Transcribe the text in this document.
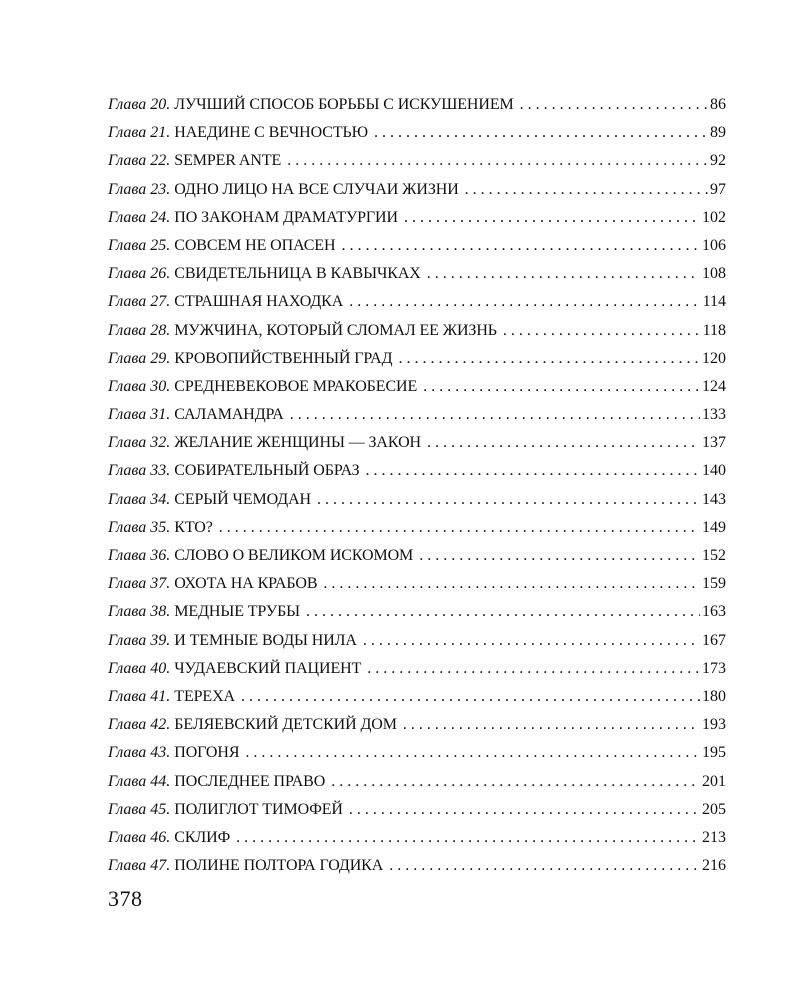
Глава 20. ЛУЧШИЙ СПОСОБ БОРЬБЫ С ИСКУШЕНИЕМ . . .	86
Глава 21. НАЕДИНЕ С ВЕЧНОСТЬЮ . . .	89
Глава 22. SEMPER ANTE . . .	92
Глава 23. ОДНО ЛИЦО НА ВСЕ СЛУЧАИ ЖИЗНИ . . .	97
Глава 24. ПО ЗАКОНАМ ДРАМАТУРГИИ . . .	102
Глава 25. СОВСЕМ НЕ ОПАСЕН . . .	106
Глава 26. СВИДЕТЕЛЬНИЦА В КАВЫЧКАХ . . .	108
Глава 27. СТРАШНАЯ НАХОДКА . . .	114
Глава 28. МУЖЧИНА, КОТОРЫЙ СЛОМАЛ ЕЕ ЖИЗНЬ . . .	118
Глава 29. КРОВОПИЙСТВЕННЫЙ ГРАД . . .	120
Глава 30. СРЕДНЕВЕКОВОЕ МРАКОБЕСИЕ . . .	124
Глава 31. САЛАМАНДРА . . .	133
Глава 32. ЖЕЛАНИЕ ЖЕНЩИНЫ — ЗАКОН . . .	137
Глава 33. СОБИРАТЕЛЬНЫЙ ОБРАЗ . . .	140
Глава 34. СЕРЫЙ ЧЕМОДАН . . .	143
Глава 35. КТО? . . .	149
Глава 36. СЛОВО О ВЕЛИКОМ ИСКОМОМ . . .	152
Глава 37. ОХОТА НА КРАБОВ . . .	159
Глава 38. МЕДНЫЕ ТРУБЫ . . .	163
Глава 39. И ТЕМНЫЕ ВОДЫ НИЛА . . .	167
Глава 40. ЧУДАЕВСКИЙ ПАЦИЕНТ . . .	173
Глава 41. ТЕРЕХА . . .	180
Глава 42. БЕЛЯЕВСКИЙ ДЕТСКИЙ ДОМ . . .	193
Глава 43. ПОГОНЯ . . .	195
Глава 44. ПОСЛЕДНЕЕ ПРАВО . . .	201
Глава 45. ПОЛИГЛОТ ТИМОФЕЙ . . .	205
Глава 46. СКЛИФ . . .	213
Глава 47. ПОЛИНЕ ПОЛТОРА ГОДИКА . . .	216
378
